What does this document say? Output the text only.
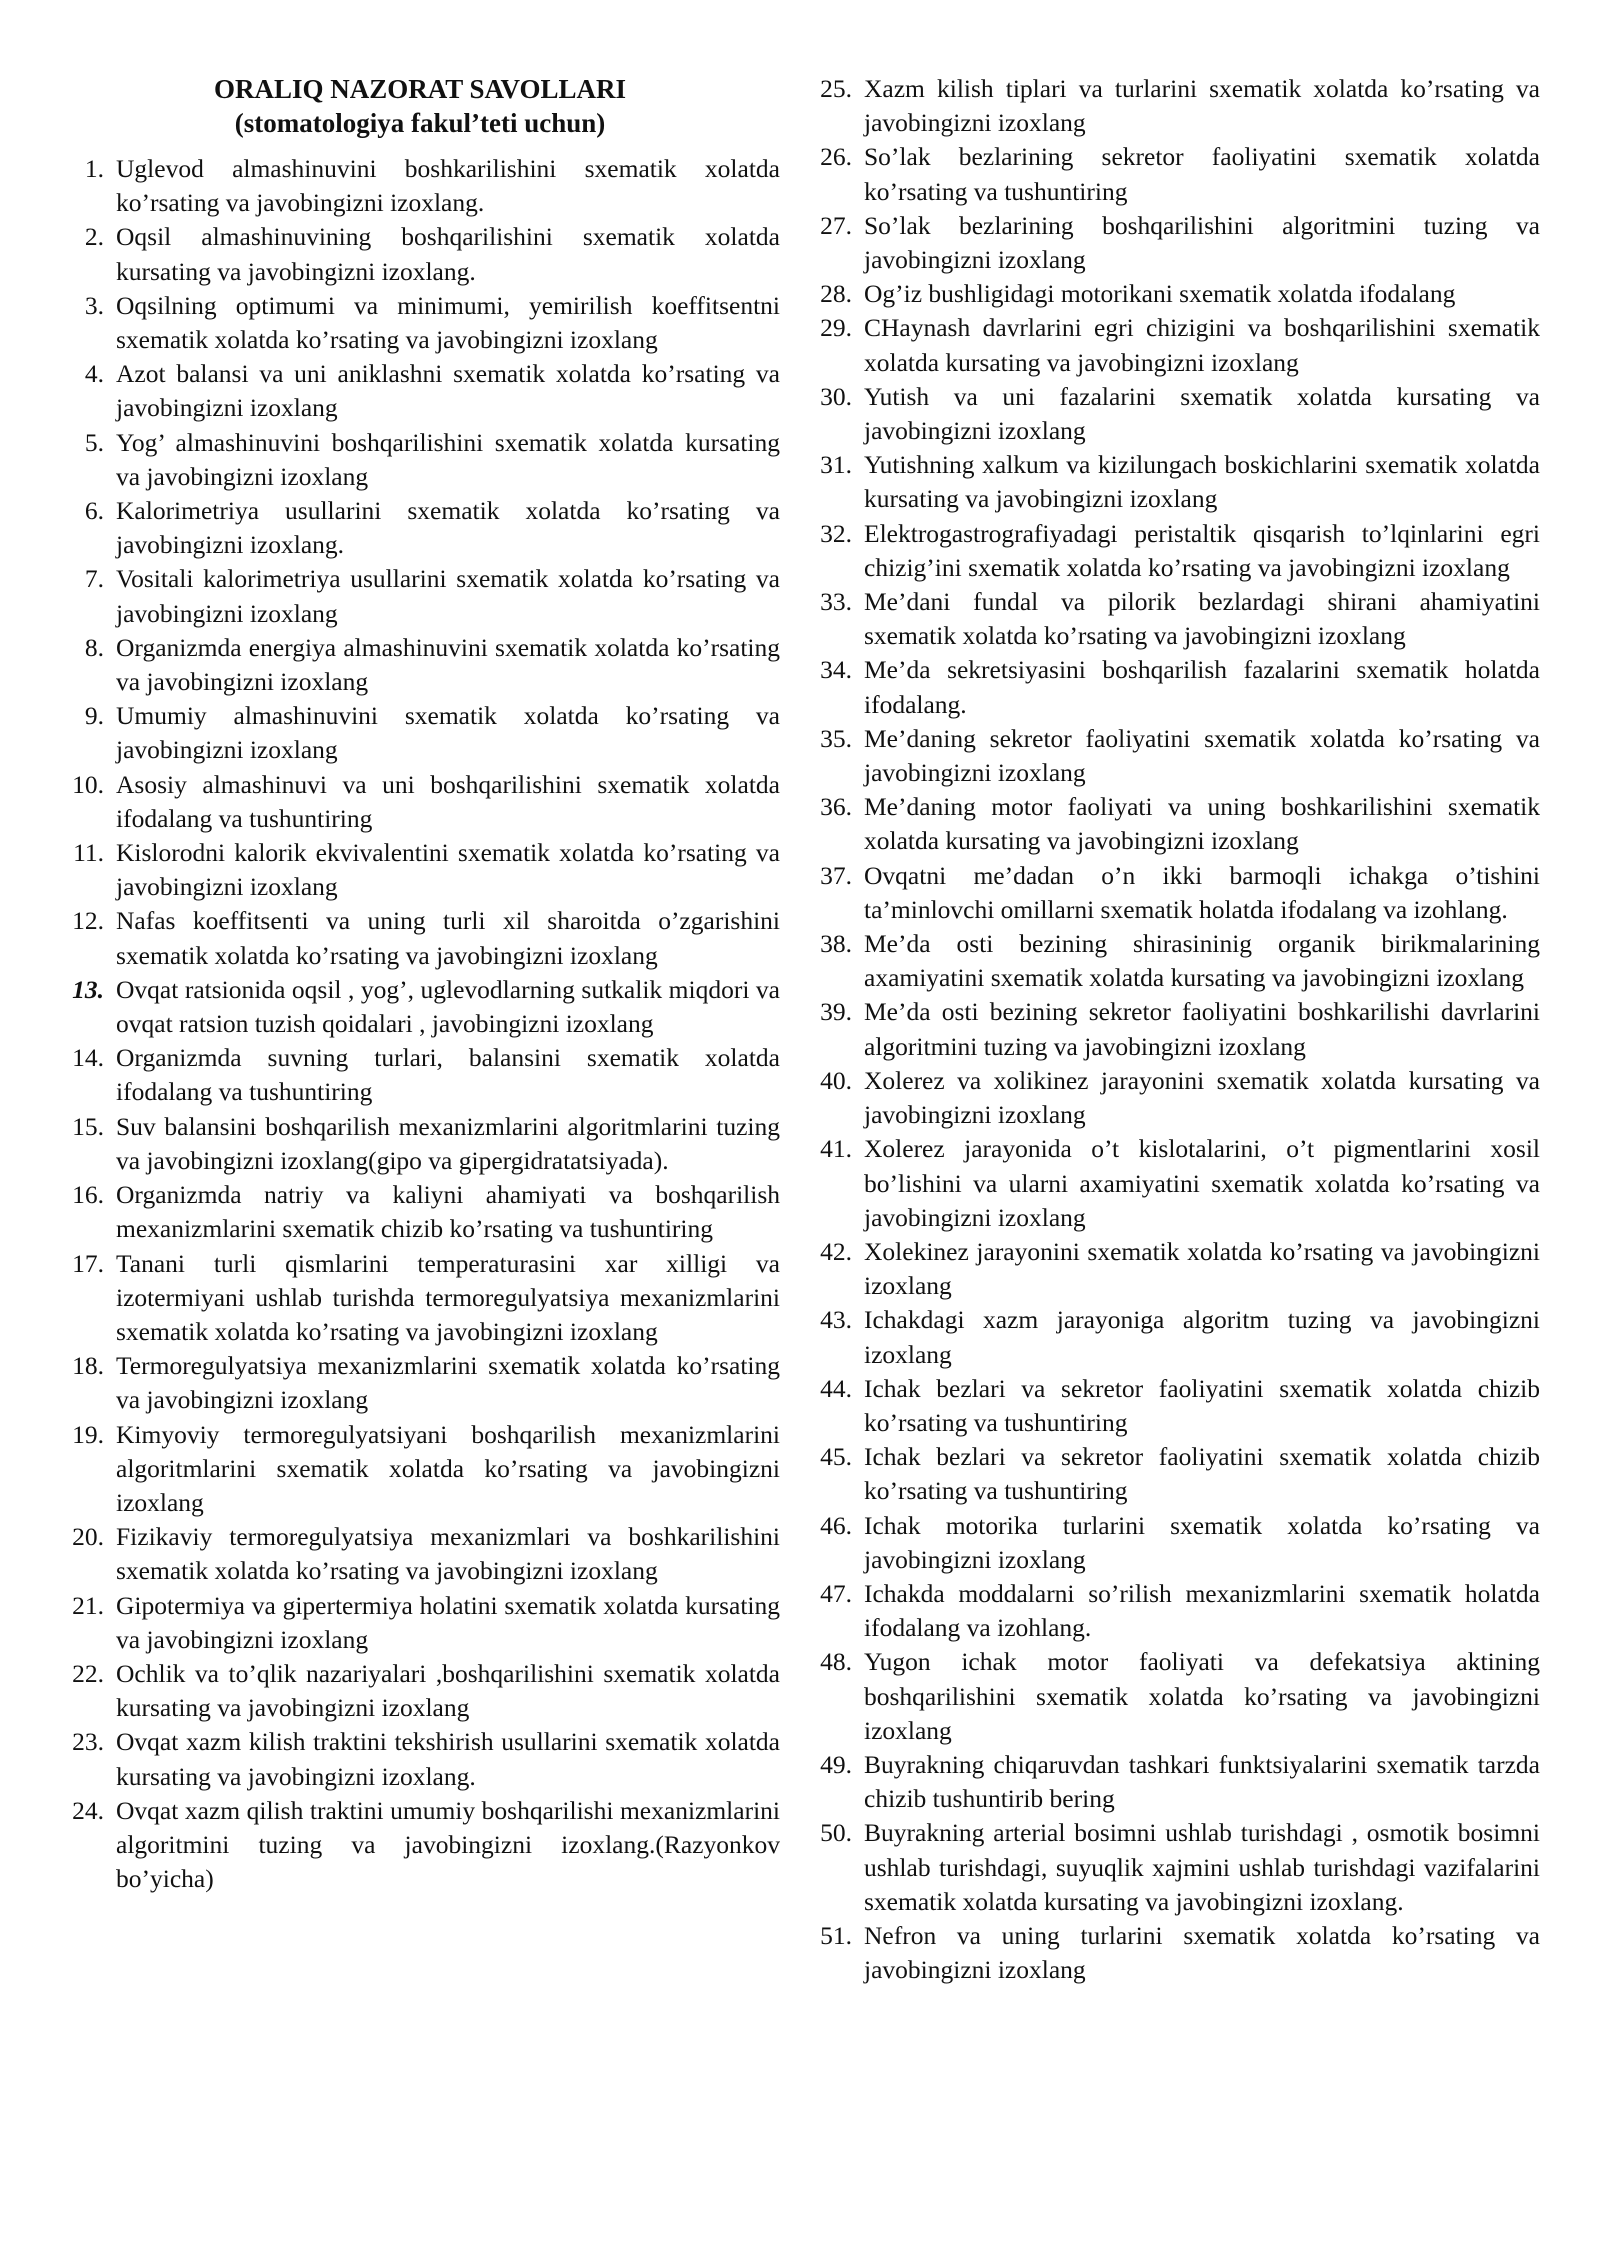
ORALIQ NAZORAT SAVOLLARI
(stomatologiya fakul’teti uchun)
1. Uglevod almashinuvini boshkarilishini sxematik xolatda ko’rsating va javobingizni izoxlang.
2. Oqsil almashinuvining boshqarilishini sxematik xolatda kursating va javobingizni izoxlang.
3. Oqsilning optimumi va minimumi, yemirilish koeffitsentni sxematik xolatda ko’rsating va javobingizni izoxlang
4. Azot balansi va uni aniklashni sxematik xolatda ko’rsating va javobingizni izoxlang
5. Yog’ almashinuvini boshqarilishini sxematik xolatda kursating va javobingizni izoxlang
6. Kalorimetriya usullarini sxematik xolatda ko’rsating va javobingizni izoxlang.
7. Vositali kalorimetriya usullarini sxematik xolatda ko’rsating va javobingizni izoxlang
8. Organizmda energiya almashinuvini sxematik xolatda ko’rsating va javobingizni izoxlang
9. Umumiy almashinuvini sxematik xolatda ko’rsating va javobingizni izoxlang
10. Asosiy almashinuvi va uni boshqarilishini sxematik xolatda ifodalang va tushuntiring
11. Kislorodni kalorik ekvivalentini sxematik xolatda ko’rsating va javobingizni izoxlang
12. Nafas koeffitsenti va uning turli xil sharoitda o’zgarishini sxematik xolatda ko’rsating va javobingizni izoxlang
13. Ovqat ratsionida oqsil , yog’, uglevodlarning sutkalik miqdori va ovqat ratsion tuzish qoidalari , javobingizni izoxlang
14. Organizmda suvning turlari, balansini sxematik xolatda ifodalang va tushuntiring
15. Suv balansini boshqarilish mexanizmlarini algoritmlarini tuzing va javobingizni izoxlang(gipo va gipergidratatsiyada).
16. Organizmda natriy va kaliyni ahamiyati va boshqarilish mexanizmlarini sxematik chizib ko’rsating va tushuntiring
17. Tanani turli qismlarini temperaturasini xar xilligi va izotermiyani ushlab turishda termoregulyatsiya mexanizmlarini sxematik xolatda ko’rsating va javobingizni izoxlang
18. Termoregulyatsiya mexanizmlarini sxematik xolatda ko’rsating va javobingizni izoxlang
19. Kimyoviy termoregulyatsiyani boshqarilish mexanizmlarini algoritmlarini sxematik xolatda ko’rsating va javobingizni izoxlang
20. Fizikaviy termoregulyatsiya mexanizmlari va boshkarilishini sxematik xolatda ko’rsating va javobingizni izoxlang
21. Gipotermiya va gipertermiya holatini sxematik xolatda kursating va javobingizni izoxlang
22. Ochlik va to’qlik nazariyalari ,boshqarilishini sxematik xolatda kursating va javobingizni izoxlang
23. Ovqat xazm kilish traktini tekshirish usullarini sxematik xolatda kursating va javobingizni izoxlang.
24. Ovqat xazm qilish traktini umumiy boshqarilishi mexanizmlarini algoritmini tuzing va javobingizni izoxlang.(Razyonkov bo’yicha)
25. Xazm kilish tiplari va turlarini sxematik xolatda ko’rsating va javobingizni izoxlang
26. So’lak bezlarining sekretor faoliyatini sxematik xolatda ko’rsating va tushuntiring
27. So’lak bezlarining boshqarilishini algoritmini tuzing va javobingizni izoxlang
28. Og’iz bushligidagi motorikani sxematik xolatda ifodalang
29. CHaynash davrlarini egri chizigini va boshqarilishini sxematik xolatda kursating va javobingizni izoxlang
30. Yutish va uni fazalarini sxematik xolatda kursating va javobingizni izoxlang
31. Yutishning xalkum va kizilungach boskichlarini sxematik xolatda kursating va javobingizni izoxlang
32. Elektrogastrografiyadagi peristaltik qisqarish to’lqinlarini egri chizig’ini sxematik xolatda ko’rsating va javobingizni izoxlang
33. Me’dani fundal va pilorik bezlardagi shirani ahamiyatini sxematik xolatda ko’rsating va javobingizni izoxlang
34. Me’da sekretsiyasini boshqarilish fazalarini sxematik holatda ifodalang.
35. Me’daning sekretor faoliyatini sxematik xolatda ko’rsating va javobingizni izoxlang
36. Me’daning motor faoliyati va uning boshkarilishini sxematik xolatda kursating va javobingizni izoxlang
37. Ovqatni me’dadan o’n ikki barmoqli ichakga o’tishini ta’minlovchi omillarni sxematik holatda ifodalang va izohlang.
38. Me’da osti bezining shirasininig organik birikmalarining axamiyatini sxematik xolatda kursating va javobingizni izoxlang
39. Me’da osti bezining sekretor faoliyatini boshkarilishi davrlarini algoritmini tuzing va javobingizni izoxlang
40. Xolerez va xolikinez jarayonini sxematik xolatda kursating va javobingizni izoxlang
41. Xolerez jarayonida o’t kislotalarini, o’t pigmentlarini xosil bo’lishini va ularni axamiyatini sxematik xolatda ko’rsating va javobingizni izoxlang
42. Xolekinez jarayonini sxematik xolatda ko’rsating va javobingizni izoxlang
43. Ichakdagi xazm jarayoniga algoritm tuzing va javobingizni izoxlang
44. Ichak bezlari va sekretor faoliyatini sxematik xolatda chizib ko’rsating va tushuntiring
45. Ichak bezlari va sekretor faoliyatini sxematik xolatda chizib ko’rsating va tushuntiring
46. Ichak motorika turlarini sxematik xolatda ko’rsating va javobingizni izoxlang
47. Ichakda moddalarni so’rilish mexanizmlarini sxematik holatda ifodalang va izohlang.
48. Yugon ichak motor faoliyati va defekatsiya aktining boshqarilishini sxematik xolatda ko’rsating va javobingizni izoxlang
49. Buyrakning chiqaruvdan tashkari funktsiyalarini sxematik tarzda chizib tushuntirib bering
50. Buyrakning arterial bosimni ushlab turishdagi , osmotik bosimni ushlab turishdagi, suyuqlik xajmini ushlab turishdagi vazifalarini sxematik xolatda kursating va javobingizni izoxlang.
51. Nefron va uning turlarini sxematik xolatda ko’rsating va javobingizni izoxlang
